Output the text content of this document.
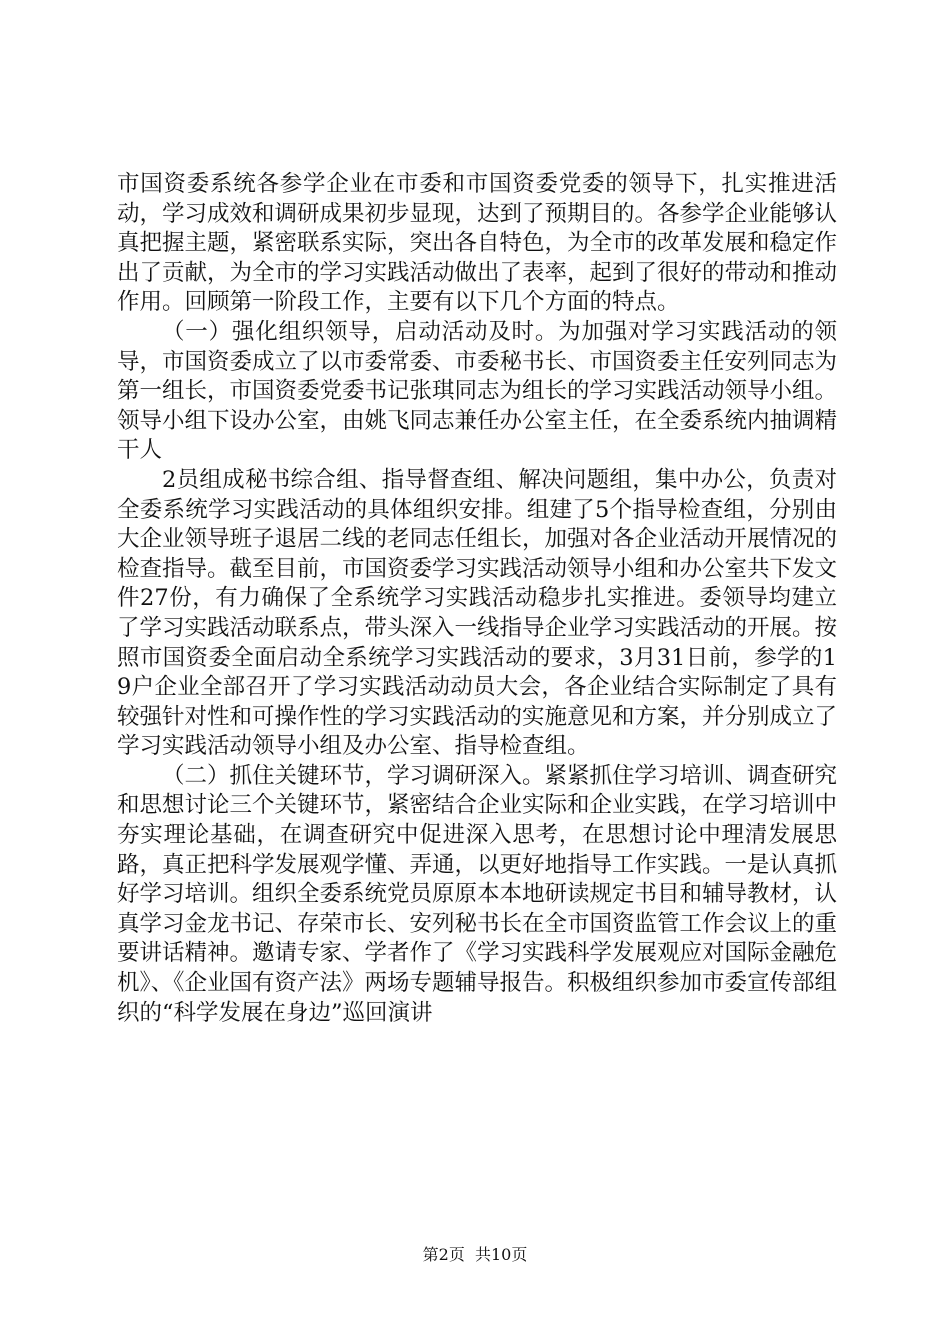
市国资委系统各参学企业在市委和市国资委党委的领导下，扎实推进活动，学习成效和调研成果初步显现，达到了预期目的。各参学企业能够认真把握主题，紧密联系实际，突出各自特色，为全市的改革发展和稳定作出了贡献，为全市的学习实践活动做出了表率，起到了很好的带动和推动作用。回顾第一阶段工作，主要有以下几个方面的特点。

（一）强化组织领导，启动活动及时。为加强对学习实践活动的领导，市国资委成立了以市委常委、市委秘书长、市国资委主任安列同志为第一组长，市国资委党委书记张琪同志为组长的学习实践活动领导小组。领导小组下设办公室，由姚飞同志兼任办公室主任，在全委系统内抽调精干人

2员组成秘书综合组、指导督查组、解决问题组，集中办公，负责对全委系统学习实践活动的具体组织安排。组建了5个指导检查组，分别由大企业领导班子退居二线的老同志任组长，加强对各企业活动开展情况的检查指导。截至目前，市国资委学习实践活动领导小组和办公室共下发文件27份，有力确保了全系统学习实践活动稳步扎实推进。委领导均建立了学习实践活动联系点，带头深入一线指导企业学习实践活动的开展。按照市国资委全面启动全系统学习实践活动的要求，3月31日前，参学的19户企业全部召开了学习实践活动动员大会，各企业结合实际制定了具有较强针对性和可操作性的学习实践活动的实施意见和方案，并分别成立了学习实践活动领导小组及办公室、指导检查组。

（二）抓住关键环节，学习调研深入。紧紧抓住学习培训、调查研究和思想讨论三个关键环节，紧密结合企业实际和企业实践，在学习培训中夯实理论基础，在调查研究中促进深入思考，在思想讨论中理清发展思路，真正把科学发展观学懂、弄通，以更好地指导工作实践。一是认真抓好学习培训。组织全委系统党员原原本本地研读规定书目和辅导教材，认真学习金龙书记、存荣市长、安列秘书长在全市国资监管工作会议上的重要讲话精神。邀请专家、学者作了《学习实践科学发展观应对国际金融危机》、《企业国有资产法》两场专题辅导报告。积极组织参加市委宣传部组织的“科学发展在身边”巡回演讲

第2页  共10页
